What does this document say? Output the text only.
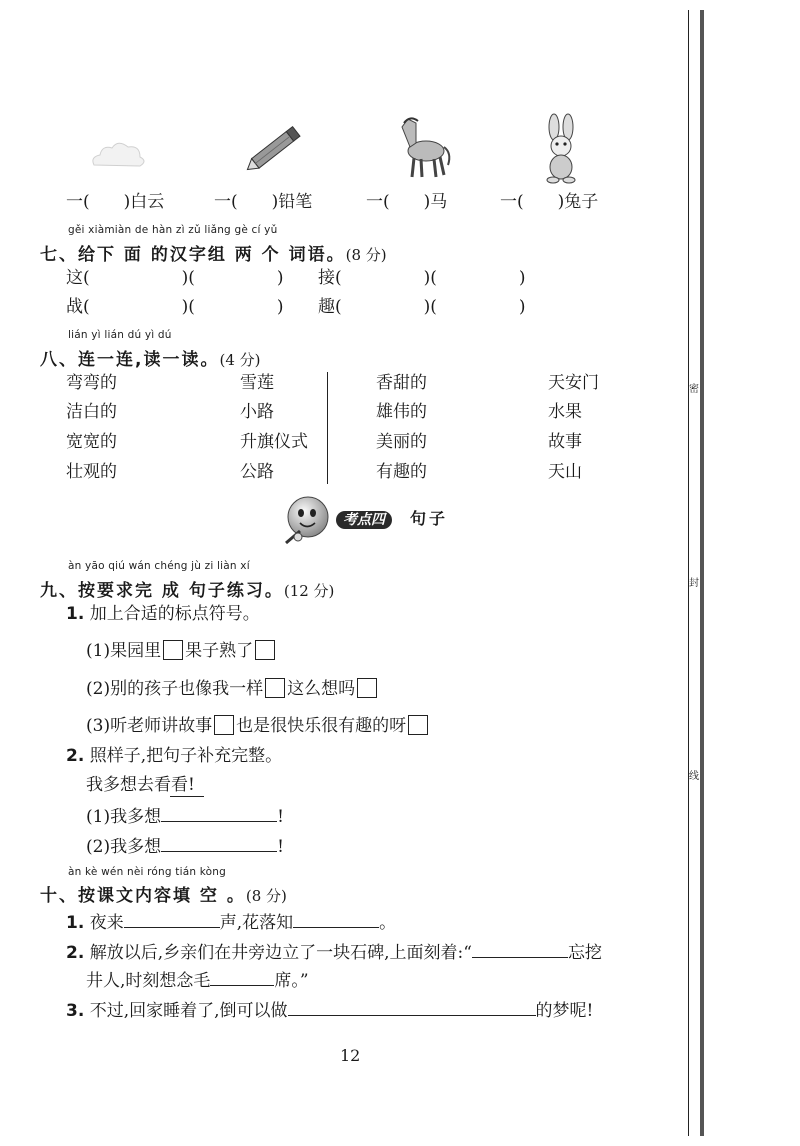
一(　　)白云	一(　　)铅笔	一(　　)马	一(　　)兔子
gěi xiàmiàn de hàn zì zǔ liǎng gè cí yǔ
七、给下 面 的汉字组 两 个 词语。(8 分)
这(	)(	) 接(	)(	)
战(	)(	) 趣(	)(	)
lián yì lián dú yì dú
八、连一连,读一读。(4 分)
弯弯的
洁白的
宽宽的
壮观的
雪莲
小路
升旗仪式
公路
香甜的
雄伟的
美丽的
有趣的
天安门
水果
故事
天山
考点四	句子
àn yāo qiú wán chéng jù zi liàn xí
九、按要求完 成 句子练习。(12 分)
1. 加上合适的标点符号。
(1)果园里 果子熟了
(2)别的孩子也像我一样 这么想吗
(3)听老师讲故事 也是很快乐很有趣的呀
2. 照样子,把句子补充完整。
我多想去看看!
(1)我多想	!
(2)我多想	!
àn kè wén nèi róng tián kòng
十、按课文内容填 空 。(8 分)
1. 夜来	声,花落知	。
2. 解放以后,乡亲们在井旁边立了一块石碑,上面刻着:“	忘挖
井人,时刻想念毛	席。”
3. 不过,回家睡着了,倒可以做	的梦呢!
12
密
封
线
